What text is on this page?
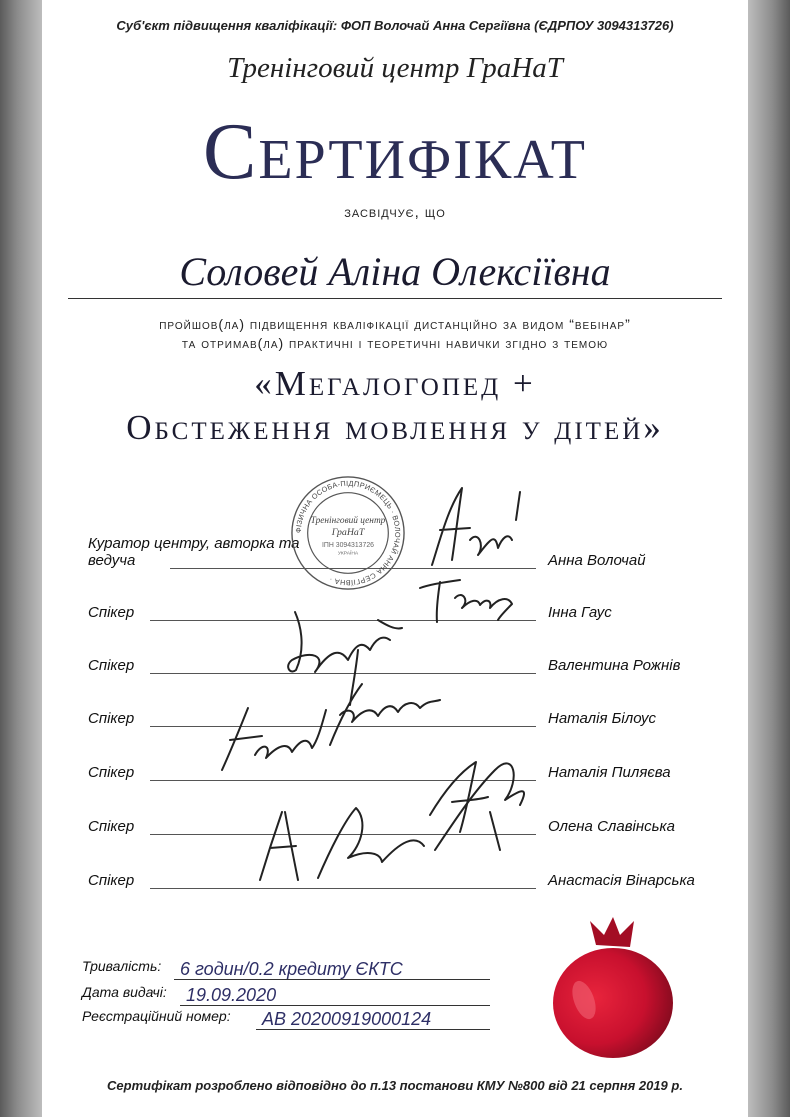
Суб'єкт підвищення кваліфікації: ФОП Волочай Анна Сергіївна (ЄДРПОУ 3094313726)
Тренінговий центр ГраНаТ
Сертифікат
засвідчує, що
Соловей Аліна Олексіївна
пройшов(ла) підвищення кваліфікації дистанційно за видом “вебінар”
та отримав(ла) практичні і теоретичні навички згідно з темою
«Мегалогопед +
Обстеження мовлення у дітей»
Куратор центру, авторка та ведуча	Анна Волочай
Спікер	Інна Гаус
Спікер	Валентина Рожнів
Спікер	Наталія Білоус
Спікер	Наталія Пиляєва
Спікер	Олена Славінська
Спікер	Анастасія Вінарська
ФІЗИЧНА ОСОБА-ПІДПРИЄМЕЦЬ · ВОЛОЧАЙ АННА СЕРГІЇВНА ·
Тренінговий центр
ГраНаТ
ІПН 3094313726
УКРАЇНА
Тривалість:	6 годин/0.2 кредиту ЄКТС
Дата видачі:	19.09.2020
Реєстраційний номер:	АВ 20200919000124
Сертифікат розроблено відповідно до п.13 постанови КМУ №800 від 21 серпня 2019 р.
